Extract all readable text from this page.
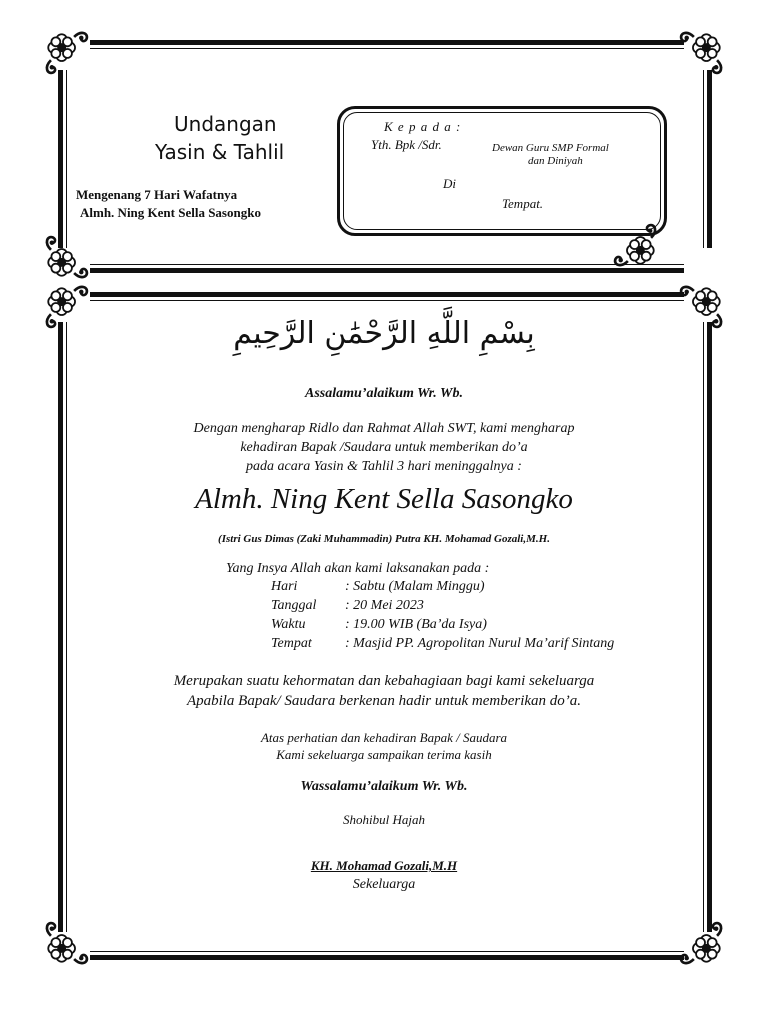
Undangan
Yasin & Tahlil
Mengenang 7 Hari Wafatnya
Almh. Ning Kent Sella Sasongko
K e p a d a :
Yth. Bpk /Sdr.	Dewan Guru SMP Formal
dan Diniyah
Di
Tempat.
بِسْمِ اللَّهِ الرَّحْمَٰنِ الرَّحِيمِ
Assalamu’alaikum Wr. Wb.
Dengan mengharap Ridlo dan Rahmat Allah SWT, kami mengharap
kehadiran Bapak /Saudara untuk memberikan do’a
pada acara Yasin & Tahlil 3 hari meninggalnya :
Almh. Ning Kent Sella Sasongko
(Istri Gus Dimas (Zaki Muhammadin) Putra KH. Mohamad Gozali,M.H.
Yang Insya Allah akan kami laksanakan pada :
Hari	: Sabtu (Malam Minggu)
Tanggal : 20 Mei 2023
Waktu	: 19.00 WIB (Ba’da Isya)
Tempat : Masjid PP. Agropolitan Nurul Ma’arif Sintang
Merupakan suatu kehormatan dan kebahagiaan bagi kami sekeluarga
Apabila Bapak/ Saudara berkenan hadir untuk memberikan do’a.
Atas perhatian dan kehadiran Bapak / Saudara
Kami sekeluarga sampaikan terima kasih
Wassalamu’alaikum Wr. Wb.
Shohibul Hajah
KH. Mohamad Gozali,M.H
Sekeluarga
